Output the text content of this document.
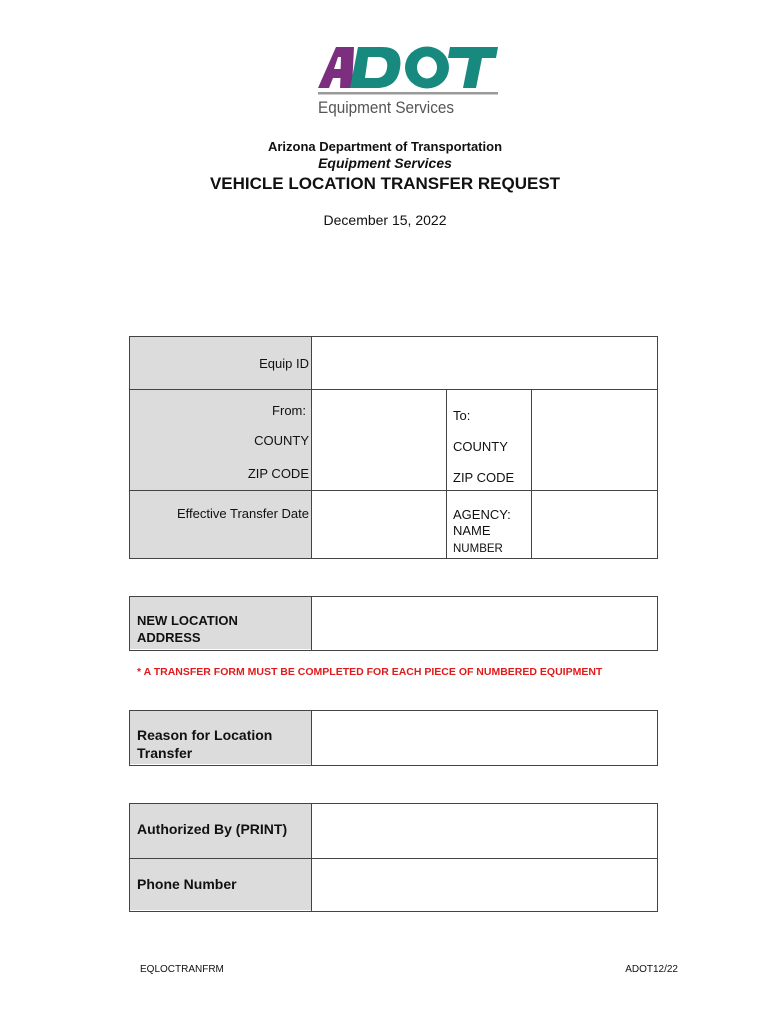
Equipment Services
Arizona Department of Transportation
Equipment Services
VEHICLE LOCATION TRANSFER REQUEST
December 15, 2022
Equip ID
From:
COUNTY
ZIP CODE
To:
COUNTY
ZIP CODE
Effective Transfer Date	AGENCY:
NAME
NUMBER
NEW LOCATION
ADDRESS
* A TRANSFER FORM MUST BE COMPLETED FOR EACH PIECE OF NUMBERED EQUIPMENT
Reason for Location
Transfer
Authorized By (PRINT)
Phone Number
EQLOCTRANFRM	ADOT12/22
